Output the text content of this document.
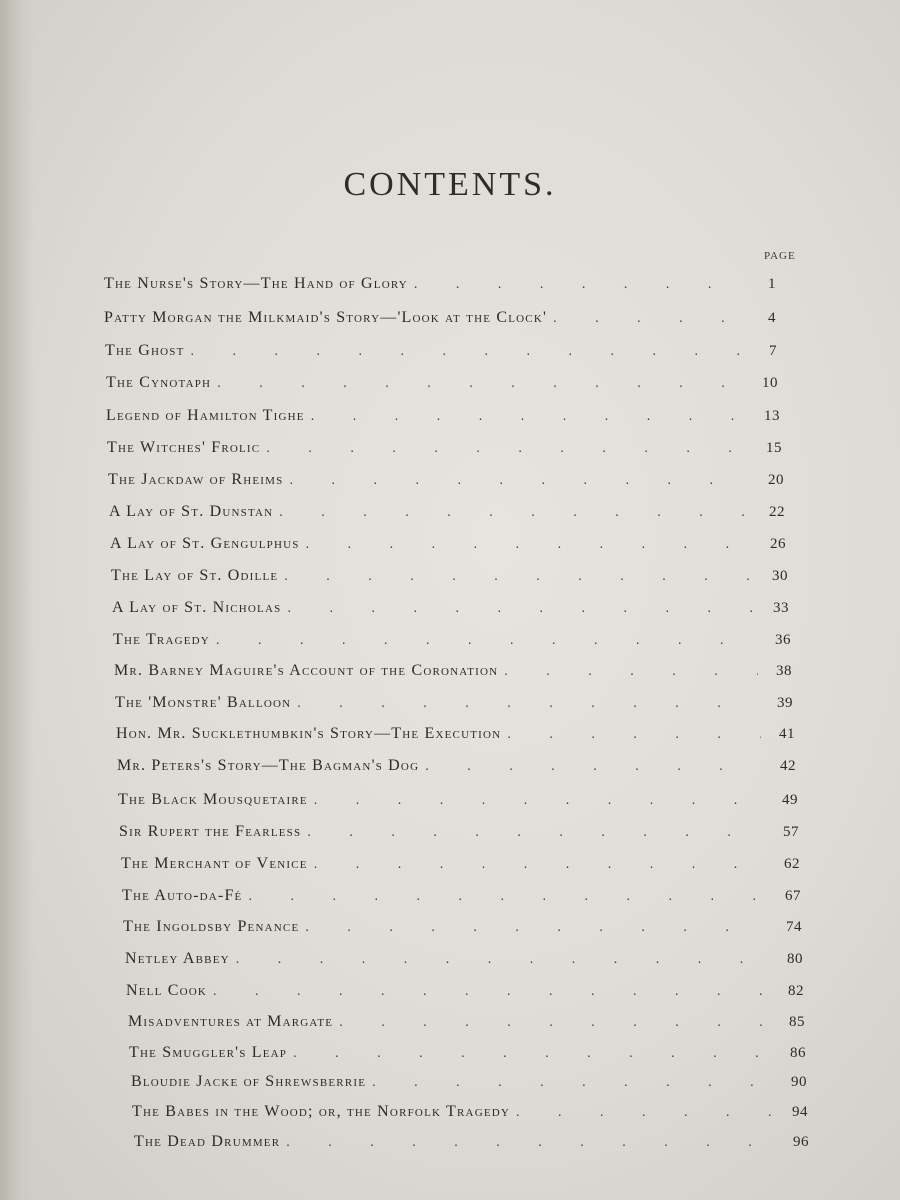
CONTENTS.
PAGE
The Nurse's Story—The Hand of Glory .	1
Patty Morgan the Milkmaid's Story—'Look at the Clock' .	4
The Ghost .	7
The Cynotaph .	10
Legend of Hamilton Tighe .	13
The Witches' Frolic .	15
The Jackdaw of Rheims .	20
A Lay of St. Dunstan .	22
A Lay of St. Gengulphus .	26
The Lay of St. Odille .	30
A Lay of St. Nicholas .	33
The Tragedy .	36
Mr. Barney Maguire's Account of the Coronation .	38
The 'Monstre' Balloon .	39
Hon. Mr. Sucklethumbkin's Story—The Execution .	41
Mr. Peters's Story—The Bagman's Dog .	42
The Black Mousquetaire .	49
Sir Rupert the Fearless .	57
The Merchant of Venice .	62
The Auto-da-Fé .	67
The Ingoldsby Penance .	74
Netley Abbey .	80
Nell Cook .	82
Misadventures at Margate .	85
The Smuggler's Leap .	86
Bloudie Jacke of Shrewsberrie .	90
The Babes in the Wood; or, the Norfolk Tragedy .	94
The Dead Drummer .	96
